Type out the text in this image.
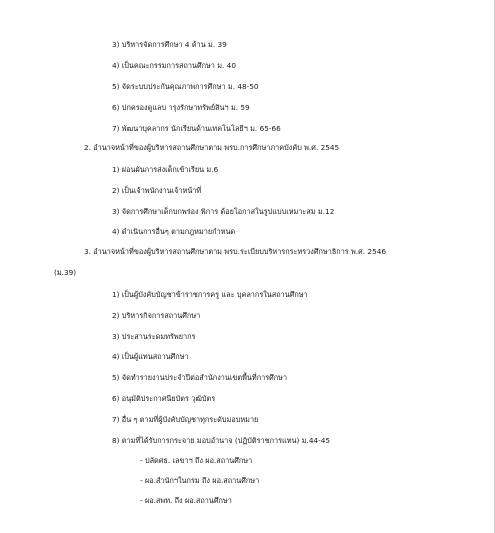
3) บริหารจัดการศึกษา 4 ด้าน ม. 39
4) เป็นคณะกรรมการสถานศึกษา ม. 40
5) จัดระบบประกันคุณภาพการศึกษา ม. 48-50
6) ปกครองดูแลบ ารุงรักษาทรัพย์สินฯ ม. 59
7) พัฒนาบุคลากร นักเรียนด้านเทคโนโลยีฯ ม. 65-66
2. อำนาจหน้าที่ของผู้บริหารสถานศึกษาตาม พรบ.การศึกษาภาคบังคับ พ.ศ. 2545
1) ผ่อนผันการส่งเด็กเข้าเรียน ม.6
2) เป็นเจ้าพนักงานเจ้าหน้าที่
3) จัดการศึกษาเด็กบกพร่อง พิการ ด้อยโอกาสในรูปแบบเหมาะสม ม.12
4) ดำเนินการอื่นๆ ตามกฎหมายกำหนด
3. อำนาจหน้าที่ของผู้บริหารสถานศึกษาตาม พรบ.ระเบียบบริหารกระทรวงศึกษาธิการ พ.ศ. 2546
(ม.39)
1) เป็นผู้บังคับบัญชาข้าราชการครู และ บุคลากรในสถานศึกษา
2) บริหารกิจการสถานศึกษา
3) ประสานระดมทรัพยากร
4) เป็นผู้แทนสถานศึกษา
5) จัดทำรายงานประจำปีต่อสำนักงานเขตพื้นที่การศึกษา
6) อนุมัติประกาศนียบัตร วุฒิบัตร
7) อื่น ๆ ตามที่ผู้บังคับบัญชาทุกระดับมอบหมาย
8) ตามที่ได้รับการกระจาย มอบอำนาจ (ปฏิบัติราชการแทน) ม.44-45
- ปลัดศธ. เลขาฯ ถึง ผอ.สถานศึกษา
- ผอ.สำนักฯในกรม ถึง ผอ.สถานศึกษา
- ผอ.สพท. ถึง ผอ.สถานศึกษา
